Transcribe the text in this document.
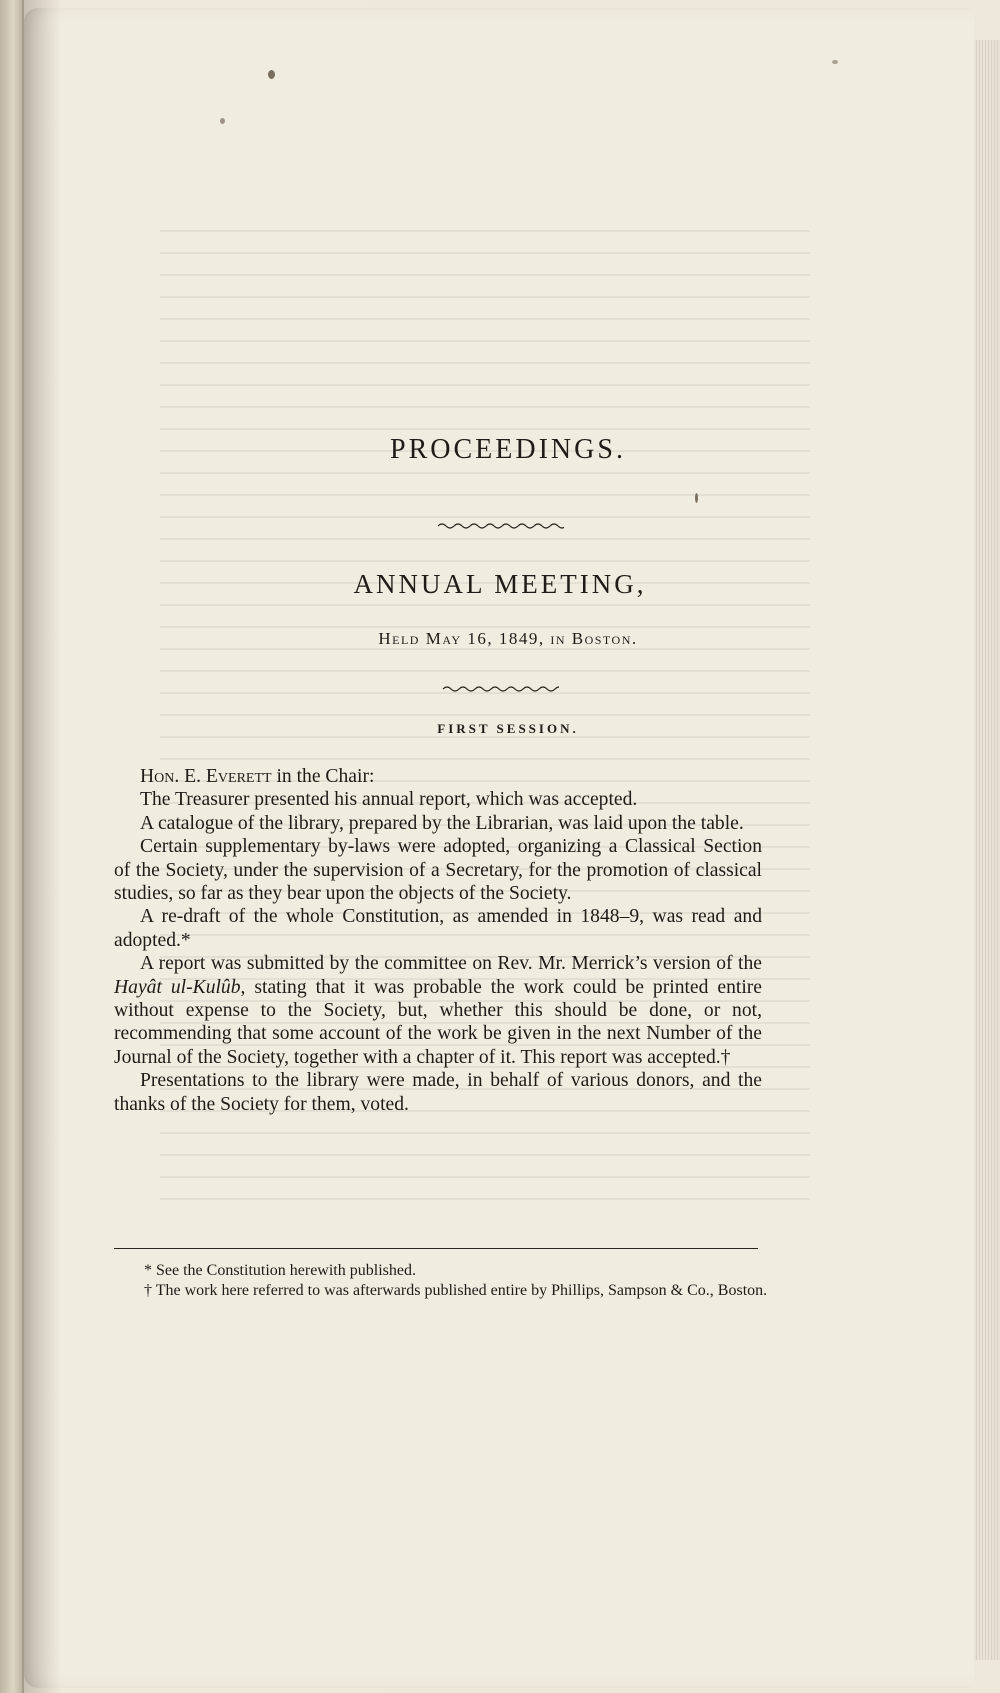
PROCEEDINGS.
ANNUAL MEETING,
Held May 16, 1849, in Boston.
FIRST SESSION.

Hon. E. Everett in the Chair:

The Treasurer presented his annual report, which was accepted.

A catalogue of the library, prepared by the Librarian, was laid upon the table.

Certain supplementary by-laws were adopted, organizing a Classical Section of the Society, under the supervision of a Secretary, for the promotion of classical studies, so far as they bear upon the objects of the Society.

A re-draft of the whole Constitution, as amended in 1848–9, was read and adopted.*

A report was submitted by the committee on Rev. Mr. Merrick’s version of the Hayât ul-Kulûb, stating that it was probable the work could be printed entire without expense to the Society, but, whether this should be done, or not, recommending that some account of the work be given in the next Number of the Journal of the Society, together with a chapter of it. This report was accepted.†

Presentations to the library were made, in behalf of various donors, and the thanks of the Society for them, voted.

* See the Constitution herewith published.

† The work here referred to was afterwards published entire by Phillips, Sampson & Co., Boston.
